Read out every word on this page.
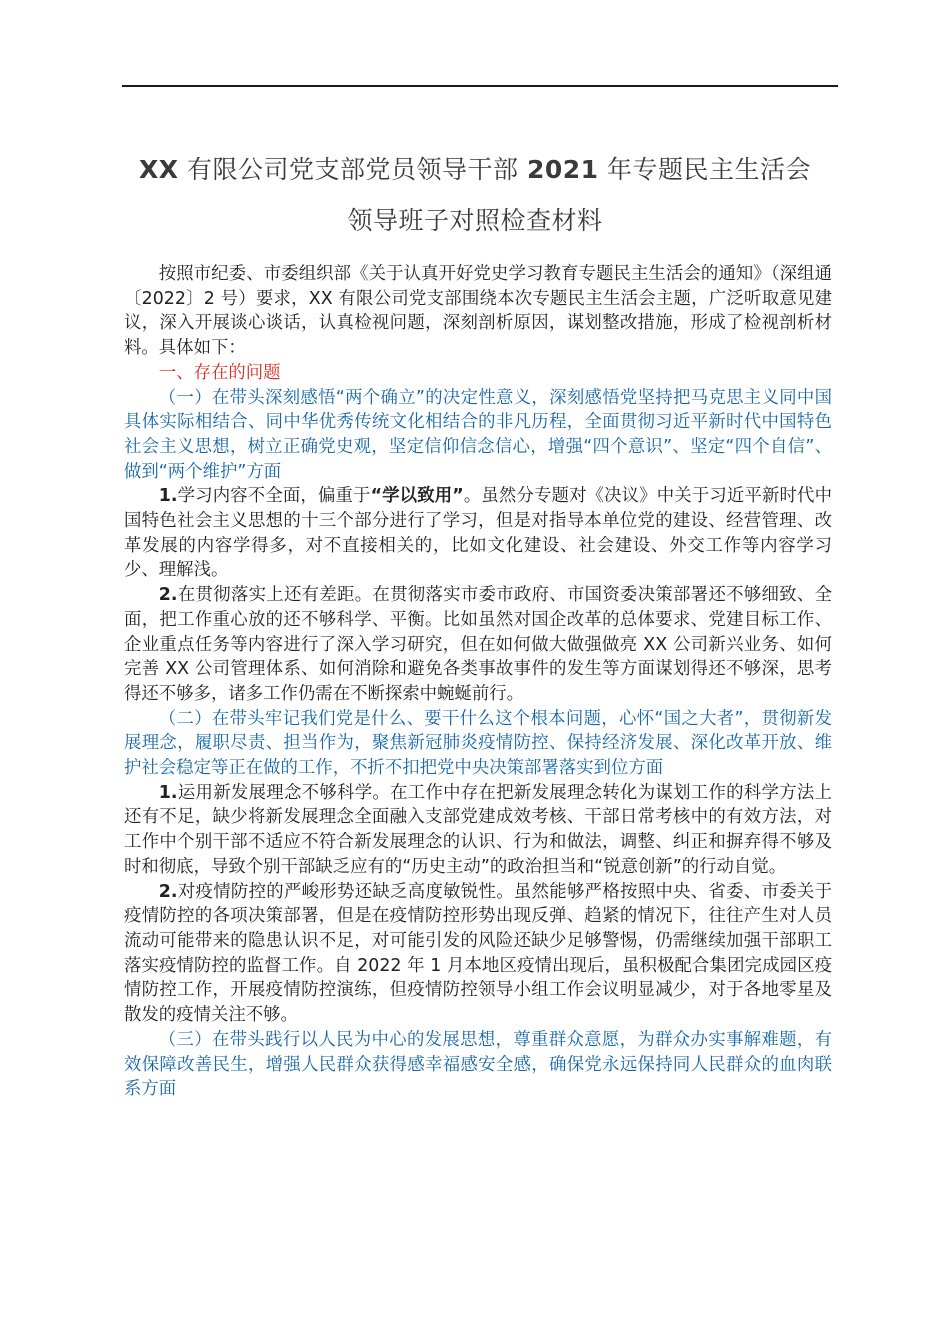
XX 有限公司党支部党员领导干部 2021 年专题民主生活会
领导班子对照检查材料

按照市纪委、市委组织部《关于认真开好党史学习教育专题民主生活会的通知》（深组通〔2022〕2 号）要求，XX 有限公司党支部围绕本次专题民主生活会主题，广泛听取意见建议，深入开展谈心谈话，认真检视问题，深刻剖析原因，谋划整改措施，形成了检视剖析材料。具体如下：

一、存在的问题

（一）在带头深刻感悟“两个确立”的决定性意义，深刻感悟党坚持把马克思主义同中国具体实际相结合、同中华优秀传统文化相结合的非凡历程，全面贯彻习近平新时代中国特色社会主义思想，树立正确党史观，坚定信仰信念信心，增强“四个意识”、坚定“四个自信”、做到“两个维护”方面

1.学习内容不全面，偏重于“学以致用”。虽然分专题对《决议》中关于习近平新时代中国特色社会主义思想的十三个部分进行了学习，但是对指导本单位党的建设、经营管理、改革发展的内容学得多，对不直接相关的，比如文化建设、社会建设、外交工作等内容学习少、理解浅。

2.在贯彻落实上还有差距。在贯彻落实市委市政府、市国资委决策部署还不够细致、全面，把工作重心放的还不够科学、平衡。比如虽然对国企改革的总体要求、党建目标工作、企业重点任务等内容进行了深入学习研究，但在如何做大做强做亮 XX 公司新兴业务、如何完善 XX 公司管理体系、如何消除和避免各类事故事件的发生等方面谋划得还不够深，思考得还不够多，诸多工作仍需在不断探索中蜿蜒前行。

（二）在带头牢记我们党是什么、要干什么这个根本问题，心怀“国之大者”，贯彻新发展理念，履职尽责、担当作为，聚焦新冠肺炎疫情防控、保持经济发展、深化改革开放、维护社会稳定等正在做的工作，不折不扣把党中央决策部署落实到位方面

1.运用新发展理念不够科学。在工作中存在把新发展理念转化为谋划工作的科学方法上还有不足，缺少将新发展理念全面融入支部党建成效考核、干部日常考核中的有效方法，对工作中个别干部不适应不符合新发展理念的认识、行为和做法，调整、纠正和摒弃得不够及时和彻底，导致个别干部缺乏应有的“历史主动”的政治担当和“锐意创新”的行动自觉。

2.对疫情防控的严峻形势还缺乏高度敏锐性。虽然能够严格按照中央、省委、市委关于疫情防控的各项决策部署，但是在疫情防控形势出现反弹、趋紧的情况下，往往产生对人员流动可能带来的隐患认识不足，对可能引发的风险还缺少足够警惕，仍需继续加强干部职工落实疫情防控的监督工作。自 2022 年 1 月本地区疫情出现后，虽积极配合集团完成园区疫情防控工作，开展疫情防控演练，但疫情防控领导小组工作会议明显减少，对于各地零星及散发的疫情关注不够。

（三）在带头践行以人民为中心的发展思想，尊重群众意愿，为群众办实事解难题，有效保障改善民生，增强人民群众获得感幸福感安全感，确保党永远保持同人民群众的血肉联系方面
